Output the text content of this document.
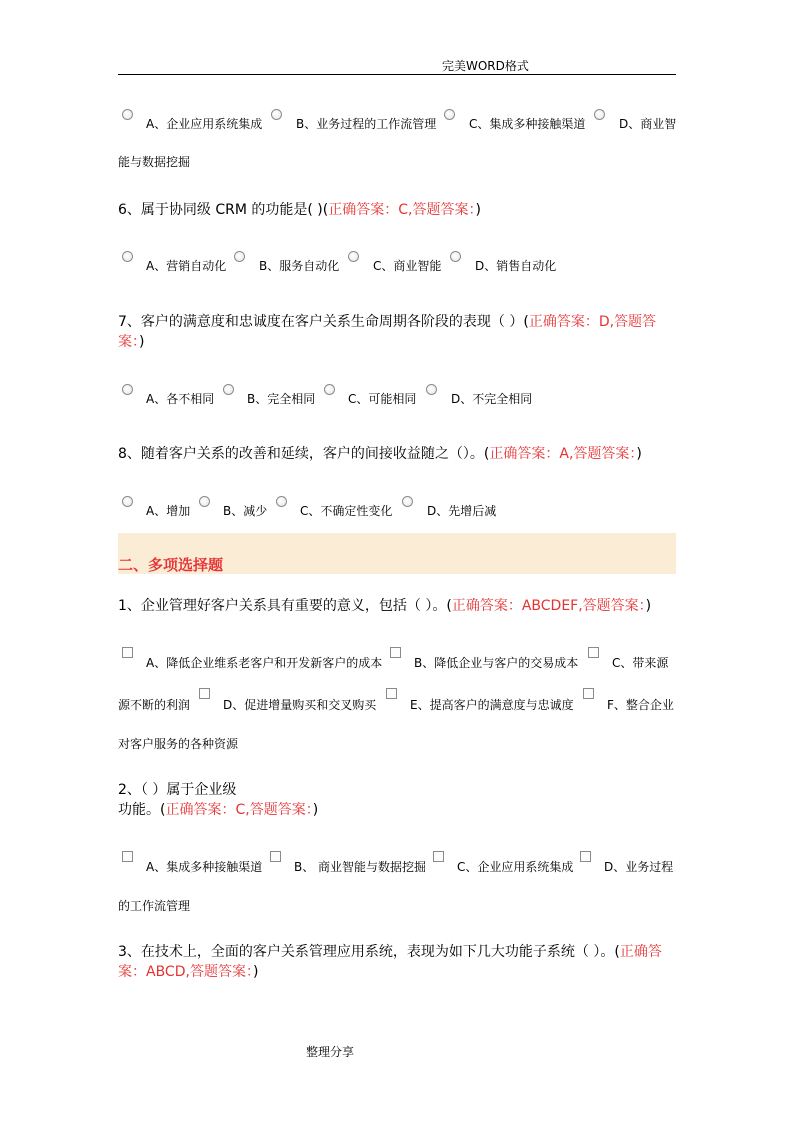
完美WORD格式
A、企业应用系统集成	B、业务过程的工作流管理	C、集成多种接触渠道	D、商业智
能与数据挖掘
6、属于协同级 CRM 的功能是( )(正确答案：C,答题答案：)
A、营销自动化	B、服务自动化	C、商业智能	D、销售自动化
7、客户的满意度和忠诚度在客户关系生命周期各阶段的表现（ ）(正确答案：D,答题答
案：)
A、各不相同	B、完全相同	C、可能相同	D、不完全相同
8、随着客户关系的改善和延续，客户的间接收益随之（）。(正确答案：A,答题答案：)
A、增加	B、减少	C、不确定性变化	D、先增后减
二、多项选择题
1、企业管理好客户关系具有重要的意义，包括（ ）。(正确答案：ABCDEF,答题答案：)
A、降低企业维系老客户和开发新客户的成本	B、降低企业与客户的交易成本	C、带来源
源不断的利润	D、促进增量购买和交叉购买	E、提高客户的满意度与忠诚度	F、整合企业
对客户服务的各种资源
2、（ ）属于企业级
功能。(正确答案：C,答题答案：)
A、集成多种接触渠道	B、 商业智能与数据挖掘	C、企业应用系统集成	D、业务过程
的工作流管理
3、在技术上，全面的客户关系管理应用系统，表现为如下几大功能子系统（ ）。(正确答
案：ABCD,答题答案：)
整理分享
